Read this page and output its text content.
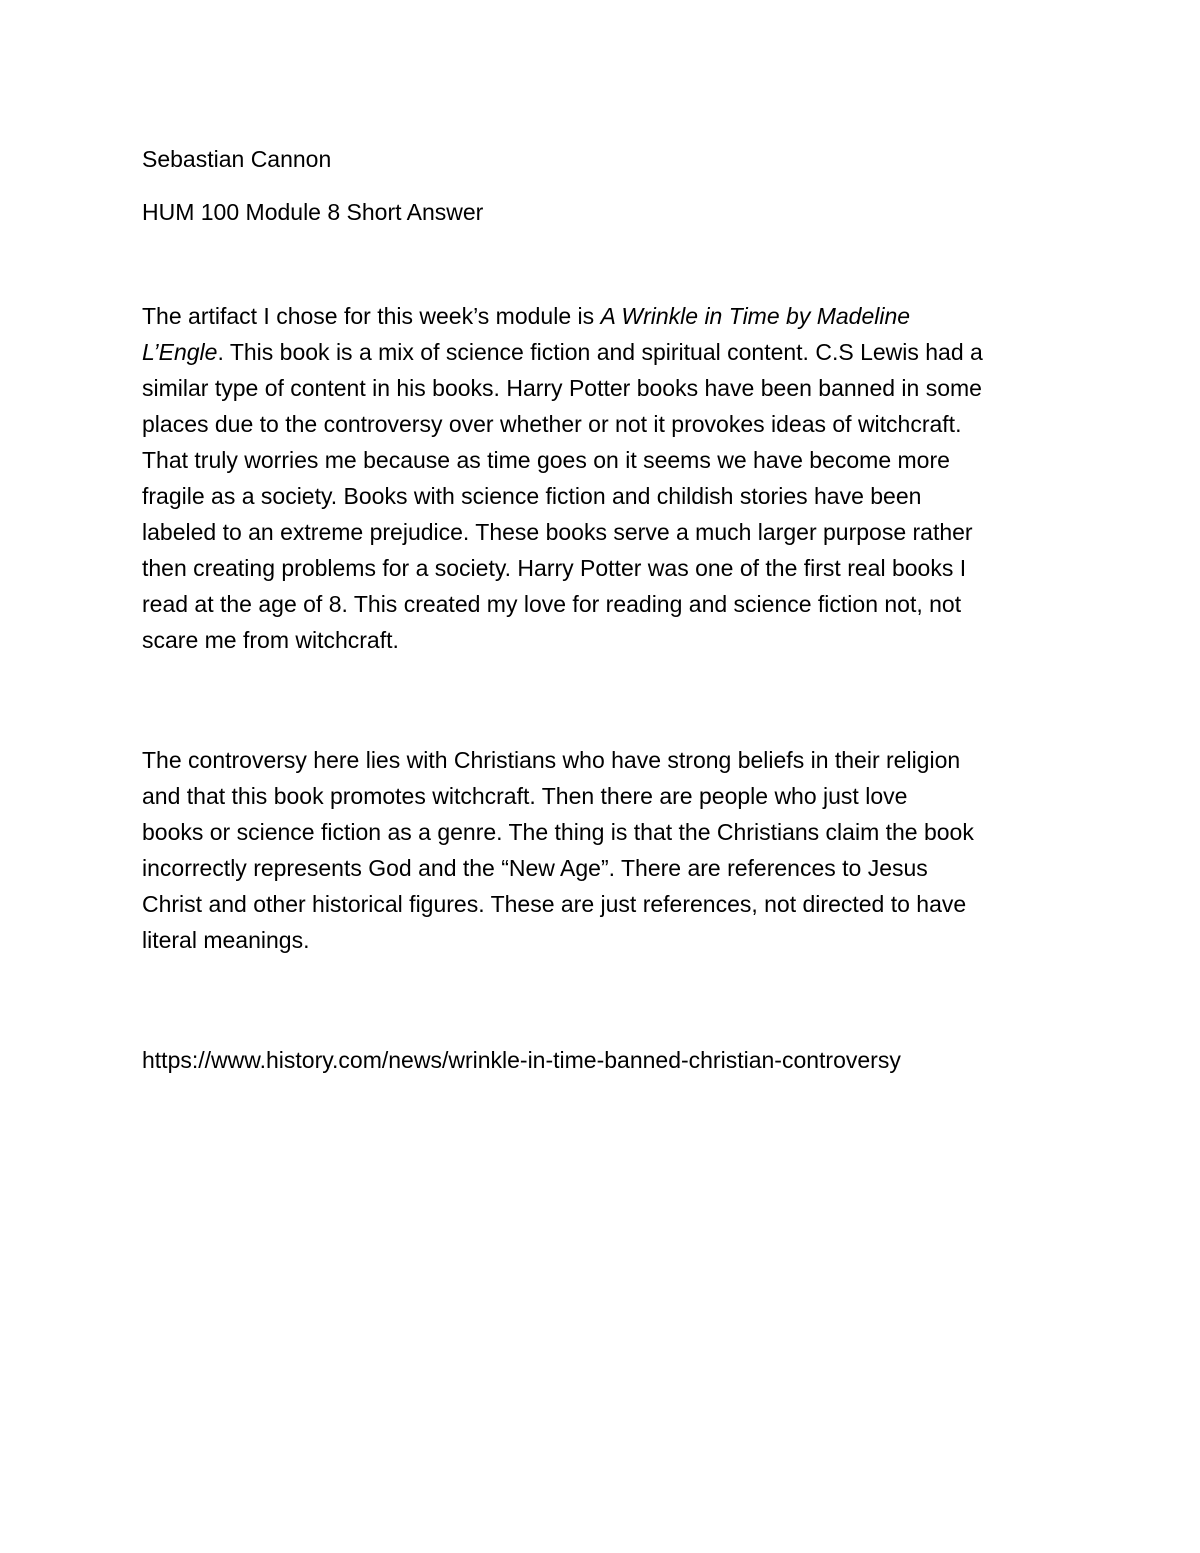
Sebastian Cannon

HUM 100 Module 8 Short Answer

The artifact I chose for this week’s module is A Wrinkle in Time by Madeline
L’Engle. This book is a mix of science fiction and spiritual content. C.S Lewis had a
similar type of content in his books. Harry Potter books have been banned in some
places due to the controversy over whether or not it provokes ideas of witchcraft.
That truly worries me because as time goes on it seems we have become more
fragile as a society. Books with science fiction and childish stories have been
labeled to an extreme prejudice. These books serve a much larger purpose rather
then creating problems for a society. Harry Potter was one of the first real books I
read at the age of 8. This created my love for reading and science fiction not, not
scare me from witchcraft.
The controversy here lies with Christians who have strong beliefs in their religion
and that this book promotes witchcraft. Then there are people who just love
books or science fiction as a genre. The thing is that the Christians claim the book
incorrectly represents God and the “New Age”. There are references to Jesus
Christ and other historical figures. These are just references, not directed to have
literal meanings.

https://www.history.com/news/wrinkle-in-time-banned-christian-controversy
